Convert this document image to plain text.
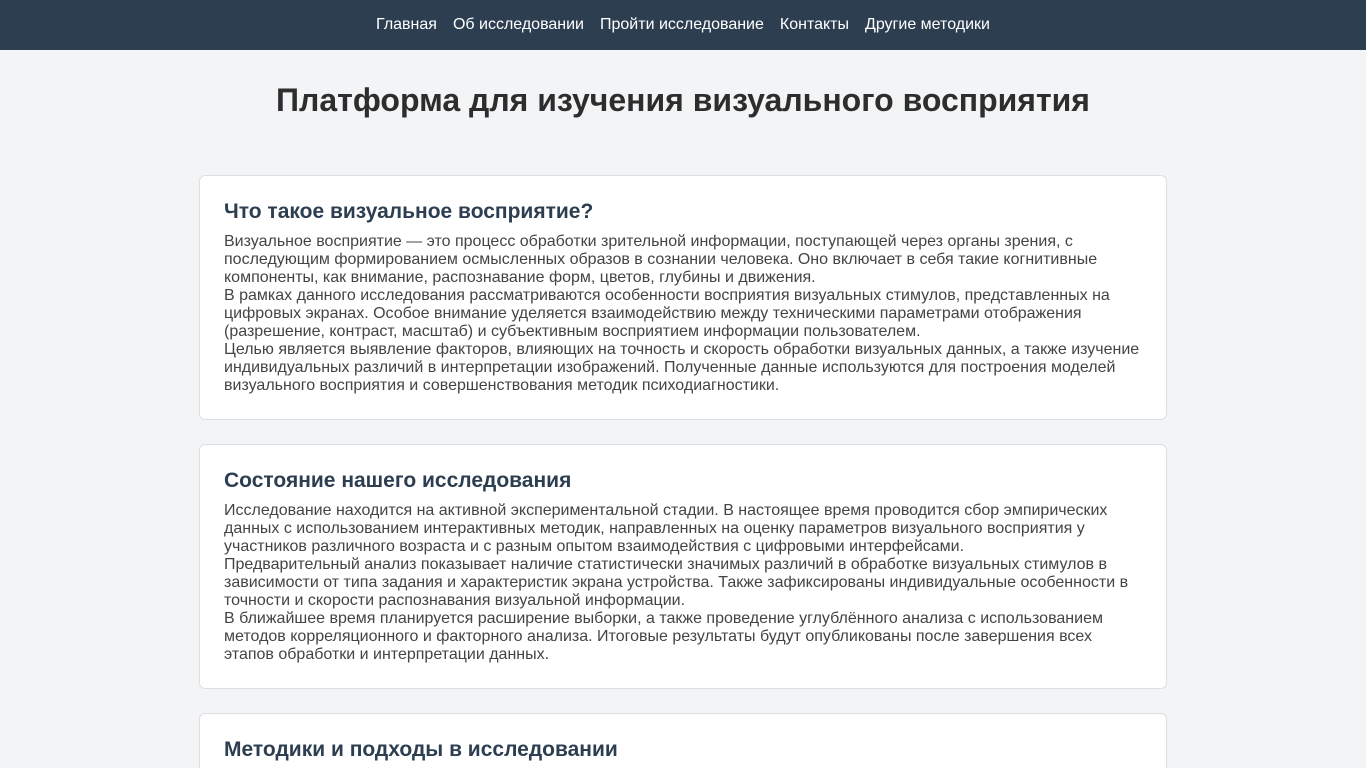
Главная Об исследовании Пройти исследование Контакты Другие методики
Платформа для изучения визуального восприятия
Что такое визуальное восприятие?

Визуальное восприятие — это процесс обработки зрительной информации, поступающей через органы зрения, с последующим формированием осмысленных образов в сознании человека. Оно включает в себя такие когнитивные компоненты, как внимание, распознавание форм, цветов, глубины и движения.

В рамках данного исследования рассматриваются особенности восприятия визуальных стимулов, представленных на цифровых экранах. Особое внимание уделяется взаимодействию между техническими параметрами отображения (разрешение, контраст, масштаб) и субъективным восприятием информации пользователем.

Целью является выявление факторов, влияющих на точность и скорость обработки визуальных данных, а также изучение индивидуальных различий в интерпретации изображений. Полученные данные используются для построения моделей визуального восприятия и совершенствования методик психодиагностики.

Состояние нашего исследования

Исследование находится на активной экспериментальной стадии. В настоящее время проводится сбор эмпирических данных с использованием интерактивных методик, направленных на оценку параметров визуального восприятия у участников различного возраста и с разным опытом взаимодействия с цифровыми интерфейсами.

Предварительный анализ показывает наличие статистически значимых различий в обработке визуальных стимулов в зависимости от типа задания и характеристик экрана устройства. Также зафиксированы индивидуальные особенности в точности и скорости распознавания визуальной информации.

В ближайшее время планируется расширение выборки, а также проведение углублённого анализа с использованием методов корреляционного и факторного анализа. Итоговые результаты будут опубликованы после завершения всех этапов обработки и интерпретации данных.

Методики и подходы в исследовании
